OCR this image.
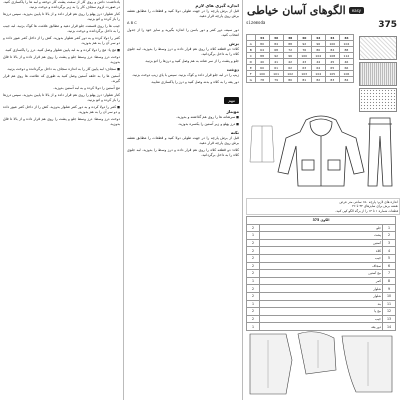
easy
الگوهای آسان خیاطی
375
sizemoda
	34	36	38	40	42	44	46
A	80	84	88	92	96	100	104
B	64	68	72	76	80	84	88
C	88	92	96	100	104	108	112
D	40	41	42	43	44	45	46
E	60	61	62	63	64	65	66
F	100	101	102	103	104	105	106
G	78	79	80	81	82	83	84
اندازه های لازم: پارچه ۱۵۰ سانتی متر عرض
نقشه برش برای سایزهای ۳۴ تا ۴۶
قطعات شماره ۱ تا ۱۴ را از برگه الگو کپی کنید.
الگوی 375		
1	جلو	2
2	پشت	1
3	آستین	2
4	کلاه	2
5	جیب	2
6	سجاف	2
7	مچ آستین	2
8	کمر	1
9	شلوار	2
10	شلوار	2
11	بند	1
12	مچ پا	2
13	جیب	2
14	دور یقه	1
اندازه گیری های لازم

قبل از برش پارچه را در جهت طولی دولا کنید و قطعات را مطابق نقشه برش روی پارچه قرار دهید.

A B C

دور سینه، دور کمر و دور باسن را اندازه بگیرید و سایز خود را از جدول انتخاب کنید.

برش

کلاه: دو قطعه کلاه را روی هم قرار داده و درز وسط را بدوزید. لبه جلوی کلاه را به داخل برگردانید.

جلو و پشت را از سر شانه به هم وصل کنید و درزها را اتو بزنید.

دوخت

زیپ را در لبه جلو قرار داده و کوک بزنید. سپس با پای زیپ دوخت بزنید.

دور یقه را به کلاه و بدنه وصل کنید و درز را پاکسازی نمایید.

مهم
مونتاژ

■ سرشانه ها را روی هم گذاشته و بدوزید.

■ درز پهلو و زیر آستین را یکسره بدوزید.

نکته

قبل از برش پارچه را در جهت طولی دولا کنید و قطعات را مطابق نقشه برش روی پارچه قرار دهید.

کلاه: دو قطعه کلاه را روی هم قرار داده و درز وسط را بدوزید. لبه جلوی کلاه را به داخل برگردانید.

یادداشت: دامن و روی کار از سمت پشت کار دوخته و لبه ها را پاکسازی کنید. در صورت لزوم سجاف کار را به زیر برگردانده و دوخت بزنید.

کنار شلوار: درز پهلو را روی هم قرار داده و از بالا تا پایین بدوزید. سپس درزها را باز کرده و اتو بزنید.

جیب ها را روی قسمت جلو قرار دهید و مطابق علامت ها کوک بزنید. لبه جیب را به داخل برگردانده و دوخت بزنید.

کمر را دولا کرده و به دور کمر شلوار بدوزید. کش را از داخل کمر عبور داده و دو سر آن را به هم بدوزید.

■ مچ پا: مچ را دولا کرده و به لبه پایین شلوار وصل کنید. درز را پاکسازی کنید.

دوخت درز وسط: درز وسط جلو و پشت را روی هم قرار داده و از بالا تا فاق بدوزید.

■ سجاف: لبه پایین کار را به اندازه سجاف به داخل برگردانده و دوخت بزنید.

آستین ها را به حلقه آستین وصل کنید به طوری که علامت ها روی هم قرار گیرند.

مچ آستین را دولا کرده و به لبه آستین بدوزید.

کنار شلوار: درز پهلو را روی هم قرار داده و از بالا تا پایین بدوزید. سپس درزها را باز کرده و اتو بزنید.

■ کمر را دولا کرده و به دور کمر شلوار بدوزید. کش را از داخل کمر عبور داده و دو سر آن را به هم بدوزید.

دوخت درز وسط: درز وسط جلو و پشت را روی هم قرار داده و از بالا تا فاق بدوزید.
